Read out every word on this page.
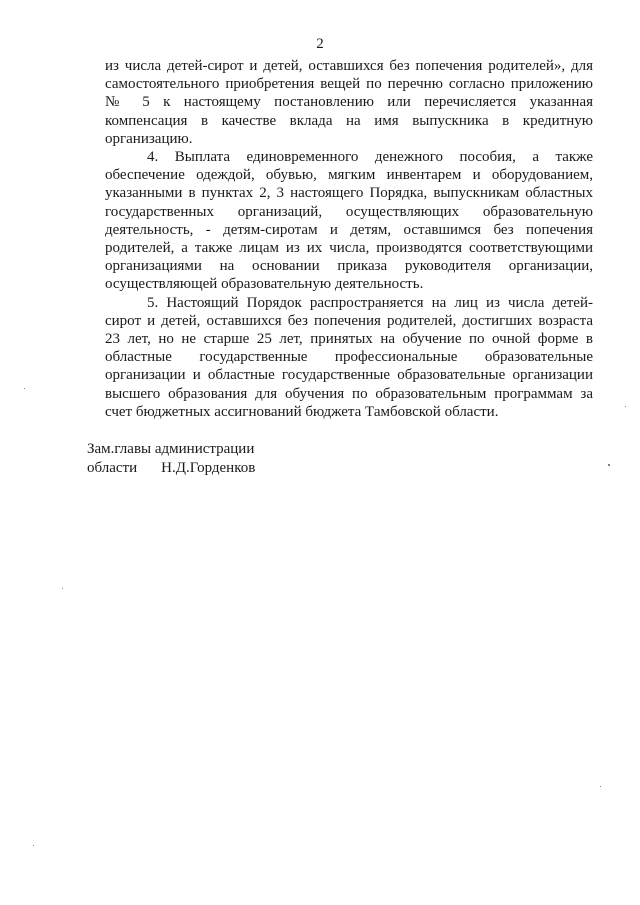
2

из числа детей-сирот и детей, оставшихся без попечения родителей», для самостоятельного приобретения вещей по перечню согласно приложению № 5 к настоящему постановлению или перечисляется указанная компенсация в качестве вклада на имя выпускника в кредитную организацию.

4. Выплата единовременного денежного пособия, а также обеспечение одеждой, обувью, мягким инвентарем и оборудованием, указанными в пунктах 2, 3 настоящего Порядка, выпускникам областных государственных организаций, осуществляющих образовательную деятельность, - детям-сиротам и детям, оставшимся без попечения родителей, а также лицам из их числа, производятся соответствующими организациями на основании приказа руководителя организации, осуществляющей образовательную деятельность.

5. Настоящий Порядок распространяется на лиц из числа детей-сирот и детей, оставшихся без попечения родителей, достигших возраста 23 лет, но не старше 25 лет, принятых на обучение по очной форме в областные государственные профессиональные образовательные организации и областные государственные образовательные организации высшего образования для обучения по образовательным программам за счет бюджетных ассигнований бюджета Тамбовской области.

Зам.главы администрации
области Н.Д.Горденков
